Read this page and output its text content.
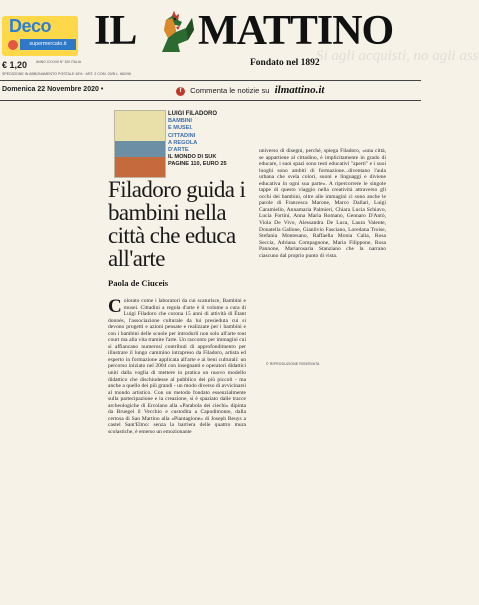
Deco
supermercato.it
€ 1,20	ANNO CXXVIII N° 320 ITALIA
SPEDIZIONE IN ABBONAMENTO POSTALE 45% · ART. 2 COM. 20/B L. 662/96
Si agli acquisti, no agli ass
IL MATTINO
Fondato nel 1892
Domenica 22 Novembre 2020 •	f Commenta le notizie su ilmattino.it
LUIGI FILADORO
BAMBINI
E MUSEI.
CITTADINI
A REGOLA
D'ARTE
IL MONDO DI SUK
PAGINE 110, EURO 25
Filadoro guida i bambini nella città che educa all'arte
Paola de Ciuceis
C olorato come i laboratori da cui scaturisce, Bambini e musei. Cittadini a regola d'arte è il volume a cura di Luigi Filadoro che corona 15 anni di attività di Étant donnés, l'associazione culturale da lui presieduta cui si devono progetti e azioni pensate e realizzate per i bambini e con i bambini delle scuole per introdurli non solo all'arte tout court ma alla vita tramite l'arte. Un racconto per immagini cui si affiancano numerosi contributi di approfondimento per illustrare il lungo cammino intrapreso da Filadoro, artista ed esperto in formazione applicata all'arte e ai beni culturali: un percorso iniziato nel 2004 con insegnanti e operatori didattici uniti dalla voglia di mettere in pratica un nuovo modello didattico che dischiudesse al pubblico dei più piccoli - ma anche a quello dei più grandi - un modo diverso di avvicinarsi al mondo artistico. Con un metodo fondato essenzialmente sulla partecipazione e la creazione, si è spaziato dalle tracce archeologiche di Ercolano alla «Parabola dei ciechi» dipinta da Bruegel il Vecchio e custodita a Capodimonte, dalla certosa di San Martino alla «Piantagione» di Joseph Beuys a castel Sant'Elmo: senza la barriera delle quattro mura scolastiche, è emerso un emozionante
universo di disegni, perché, spiega Filadoro, «una città, se appartiene al cittadino, è implicitamente in grado di educare, i suoi spazi sono testi educativi "aperti" e i suoi luoghi sono ambiti di formazione...diventano l'aula urbana che svela colori, suoni e linguaggi e diviene educativa in ogni sua parte». A ripercorrere le singole tappe di questo viaggio nella creatività attraverso gli occhi dei bambini, oltre alle immagini ci sono anche le parole di Francesca Marone, Marco Dallari, Luigi Caramiello, Annamaria Palmieri, Chiara Lucia Schiavo, Lucia Fortini, Anna Maria Romano, Gennaro D'Antò, Viola De Vivo, Alessandra De Luca, Laura Valente, Donatella Gallone, Gianlivio Fasciano, Loredana Troise, Stefania Montesano, Raffaella Monia Calia, Rosa Seccia, Adriana Compagnone, Maria Filippone, Rosa Pannone, Mariarosaria Stanziano che la narrano ciascuno dal proprio punto di vista.
© RIPRODUZIONE RISERVATA
